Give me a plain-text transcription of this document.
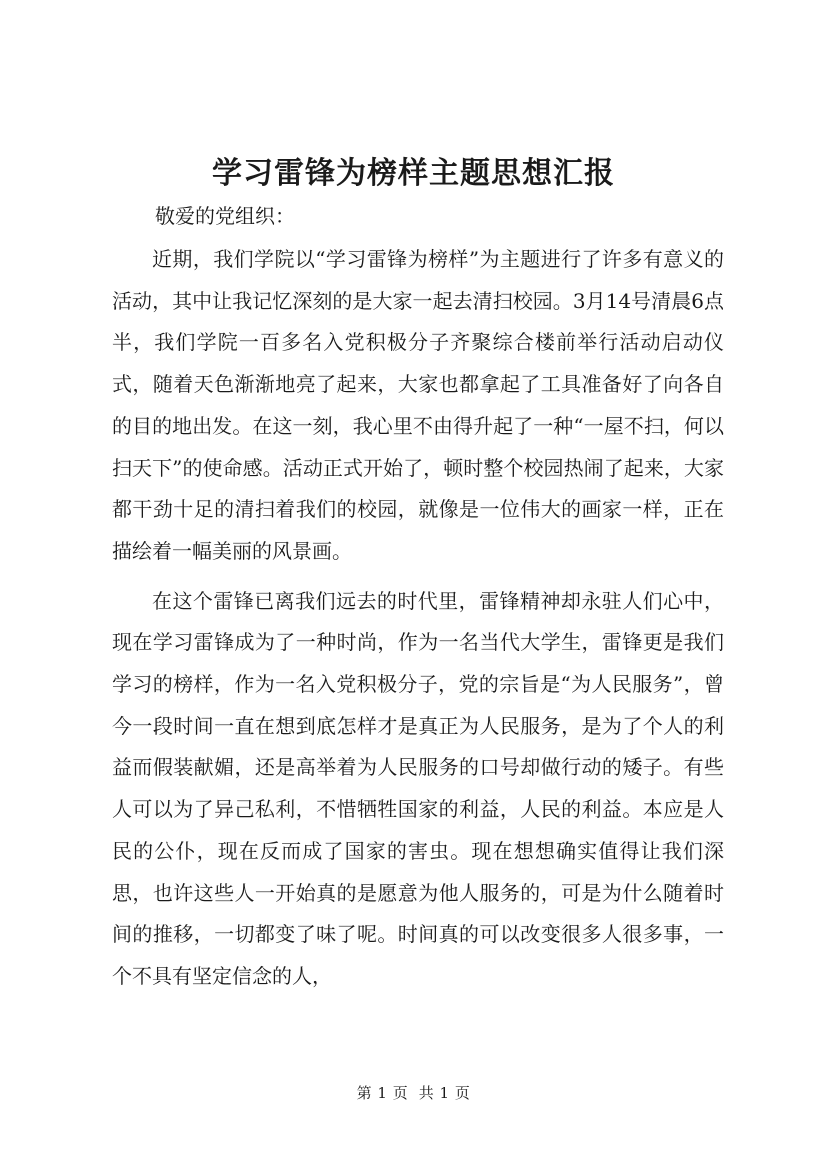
学习雷锋为榜样主题思想汇报

敬爱的党组织：

近期，我们学院以“学习雷锋为榜样”为主题进行了许多有意义的活动，其中让我记忆深刻的是大家一起去清扫校园。3月14号清晨6点半，我们学院一百多名入党积极分子齐聚综合楼前举行活动启动仪式，随着天色渐渐地亮了起来，大家也都拿起了工具准备好了向各自的目的地出发。在这一刻，我心里不由得升起了一种“一屋不扫，何以扫天下”的使命感。活动正式开始了，顿时整个校园热闹了起来，大家都干劲十足的清扫着我们的校园，就像是一位伟大的画家一样，正在描绘着一幅美丽的风景画。

在这个雷锋已离我们远去的时代里，雷锋精神却永驻人们心中，现在学习雷锋成为了一种时尚，作为一名当代大学生，雷锋更是我们学习的榜样，作为一名入党积极分子，党的宗旨是“为人民服务”，曾今一段时间一直在想到底怎样才是真正为人民服务，是为了个人的利益而假装献媚，还是高举着为人民服务的口号却做行动的矮子。有些人可以为了异己私利，不惜牺牲国家的利益，人民的利益。本应是人民的公仆，现在反而成了国家的害虫。现在想想确实值得让我们深思，也许这些人一开始真的是愿意为他人服务的，可是为什么随着时间的推移，一切都变了味了呢。时间真的可以改变很多人很多事，一个不具有坚定信念的人，

第 1 页  共 1 页
